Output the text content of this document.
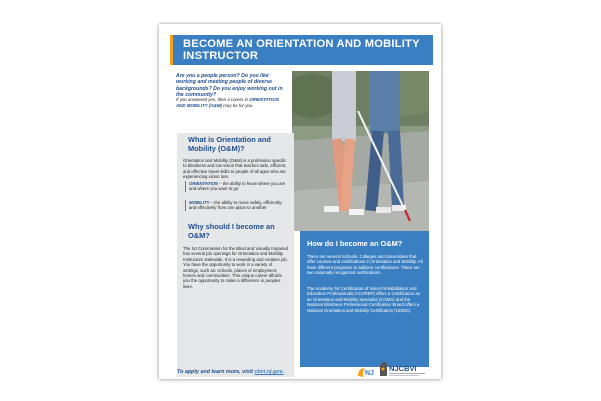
BECOME AN ORIENTATION AND MOBILITY INSTRUCTOR
Are you a people person? Do you like working and meeting people of diverse backgrounds? Do you enjoy working out in the community?
If you answered yes, then a career in ORIENTATION AND MOBILITY (O&M) may be for you.
What is Orientation and Mobility (O&M)?
Orientation and Mobility (O&M) is a profession specific to blindness and low vision that teaches safe, efficient, and effective travel skills to people of all ages who are experiencing vision loss
ORIENTATION – the ability to know where you are and where you want to go
MOBILITY – the ability to move safely, efficiently, and effectively from one place to another
Why should I become an O&M?
The NJ Commission for the Blind and Visually Impaired has several job openings for Orientation and Mobility Instructors statewide. It is a rewarding and creative job. You have the opportunity to work in a variety of settings, such as: schools, places of employment, homes and communities. This unique career affords you the opportunity to make a difference in peoples lives.
How do I become an O&M?
There are several Schools, Colleges and Universities that offer courses and certifications in Orientation and Mobility. All have different programs to address certifications. There are two nationally recognized certifications.
The Academy for Certification of Vision Rehabilitation and Education Professionals (ACVREP) offers a Certification as an Orientation and Mobility Specialist (COMS) and the National Blindness Professional Certification Board offers a National Orientation and Mobility Certification (NOMC).
To apply and learn more, visit cbvi.nj.gov.	NJ
NJCBVI
